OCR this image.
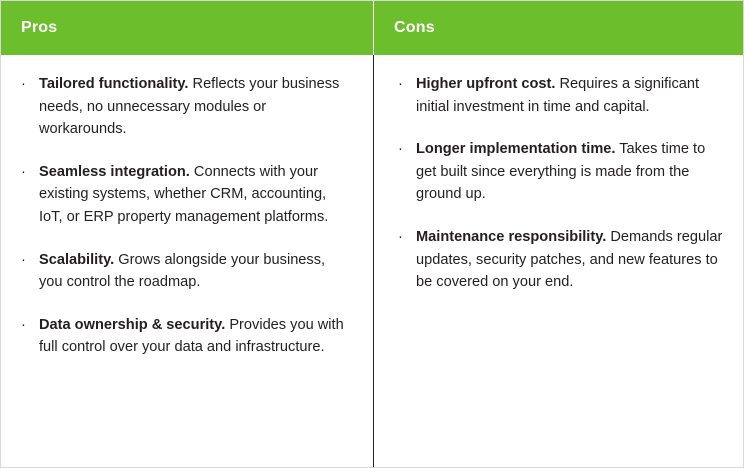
Pros	Cons
· Tailored functionality. Reflects your business needs, no unnecessary modules or workarounds.
· Seamless integration. Connects with your existing systems, whether CRM, accounting, IoT, or ERP property management platforms.
· Scalability. Grows alongside your business, you control the roadmap.
· Data ownership & security. Provides you with full control over your data and infrastructure.
· Higher upfront cost. Requires a significant initial investment in time and capital.
· Longer implementation time. Takes time to get built since everything is made from the ground up.
· Maintenance responsibility. Demands regular updates, security patches, and new features to be covered on your end.
